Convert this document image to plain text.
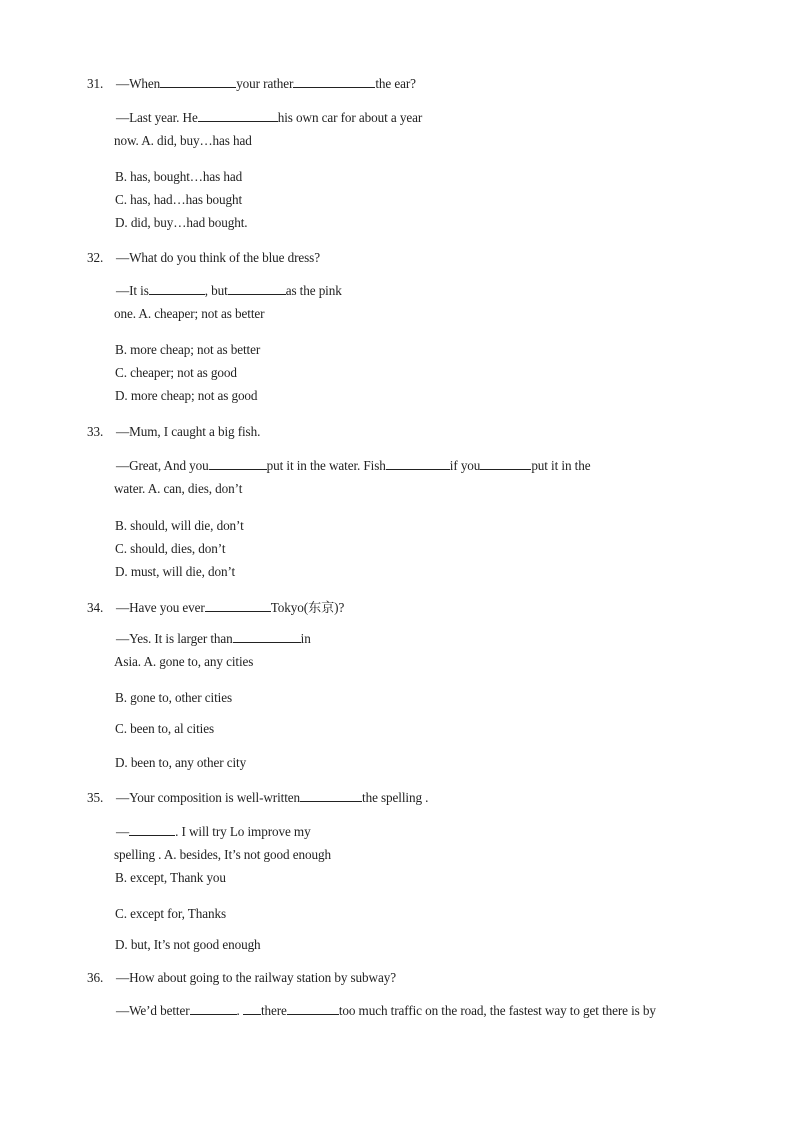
31. —When	your rather	the ear?
—Last year. He	his own car for about a year
now. A. did, buy…has had
B. has, bought…has had
C. has, had…has bought
D. did, buy…had bought.
32. —What do you think of the blue dress?
—It is	, but	as the pink
one. A. cheaper; not as better
B. more cheap; not as better
C. cheaper; not as good
D. more cheap; not as good
33. —Mum, I caught a big fish.
—Great, And you	put it in the water. Fish	if you	put it in the
water. A. can, dies, don’t
B. should, will die, don’t
C. should, dies, don’t
D. must, will die, don’t
34. —Have you ever	Tokyo(东京)?
—Yes. It is larger than	in
Asia. A. gone to, any cities
B. gone to, other cities
C. been to, al cities
D. been to, any other city
35. —Your composition is well-written	the spelling .
—	. I will try Lo improve my
spelling . A. besides, It’s not good enough
B. except, Thank you
C. except for, Thanks
D. but, It’s not good enough
36. —How about going to the railway station by subway?
—We’d better	. there	too much traffic on the road, the fastest way to get there is by
